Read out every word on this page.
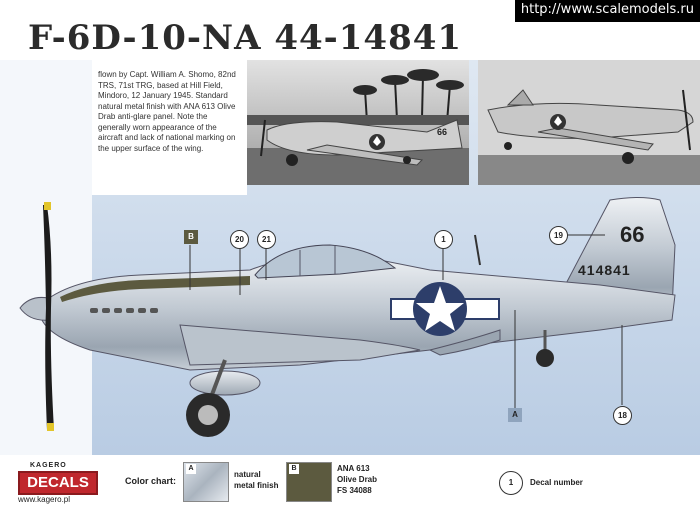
F-6D-10-NA 44-14841
http://www.scalemodels.ru
flown by Capt. William A. Shomo, 82nd TRS, 71st TRG, based at Hill Field, Mindoro, 12 January 1945. Standard natural metal finish with ANA 613 Olive Drab anti-glare panel. Note the generally worn appearance of the aircraft and lack of national marking on the upper surface of the wing.
66
66
414841
20	21	1	19
18
B
A
KAGERO
DECALS
www.kagero.pl
Color chart:
A
natural
metal finish
B	ANA 613
Olive Drab
FS 34088
1	Decal number
